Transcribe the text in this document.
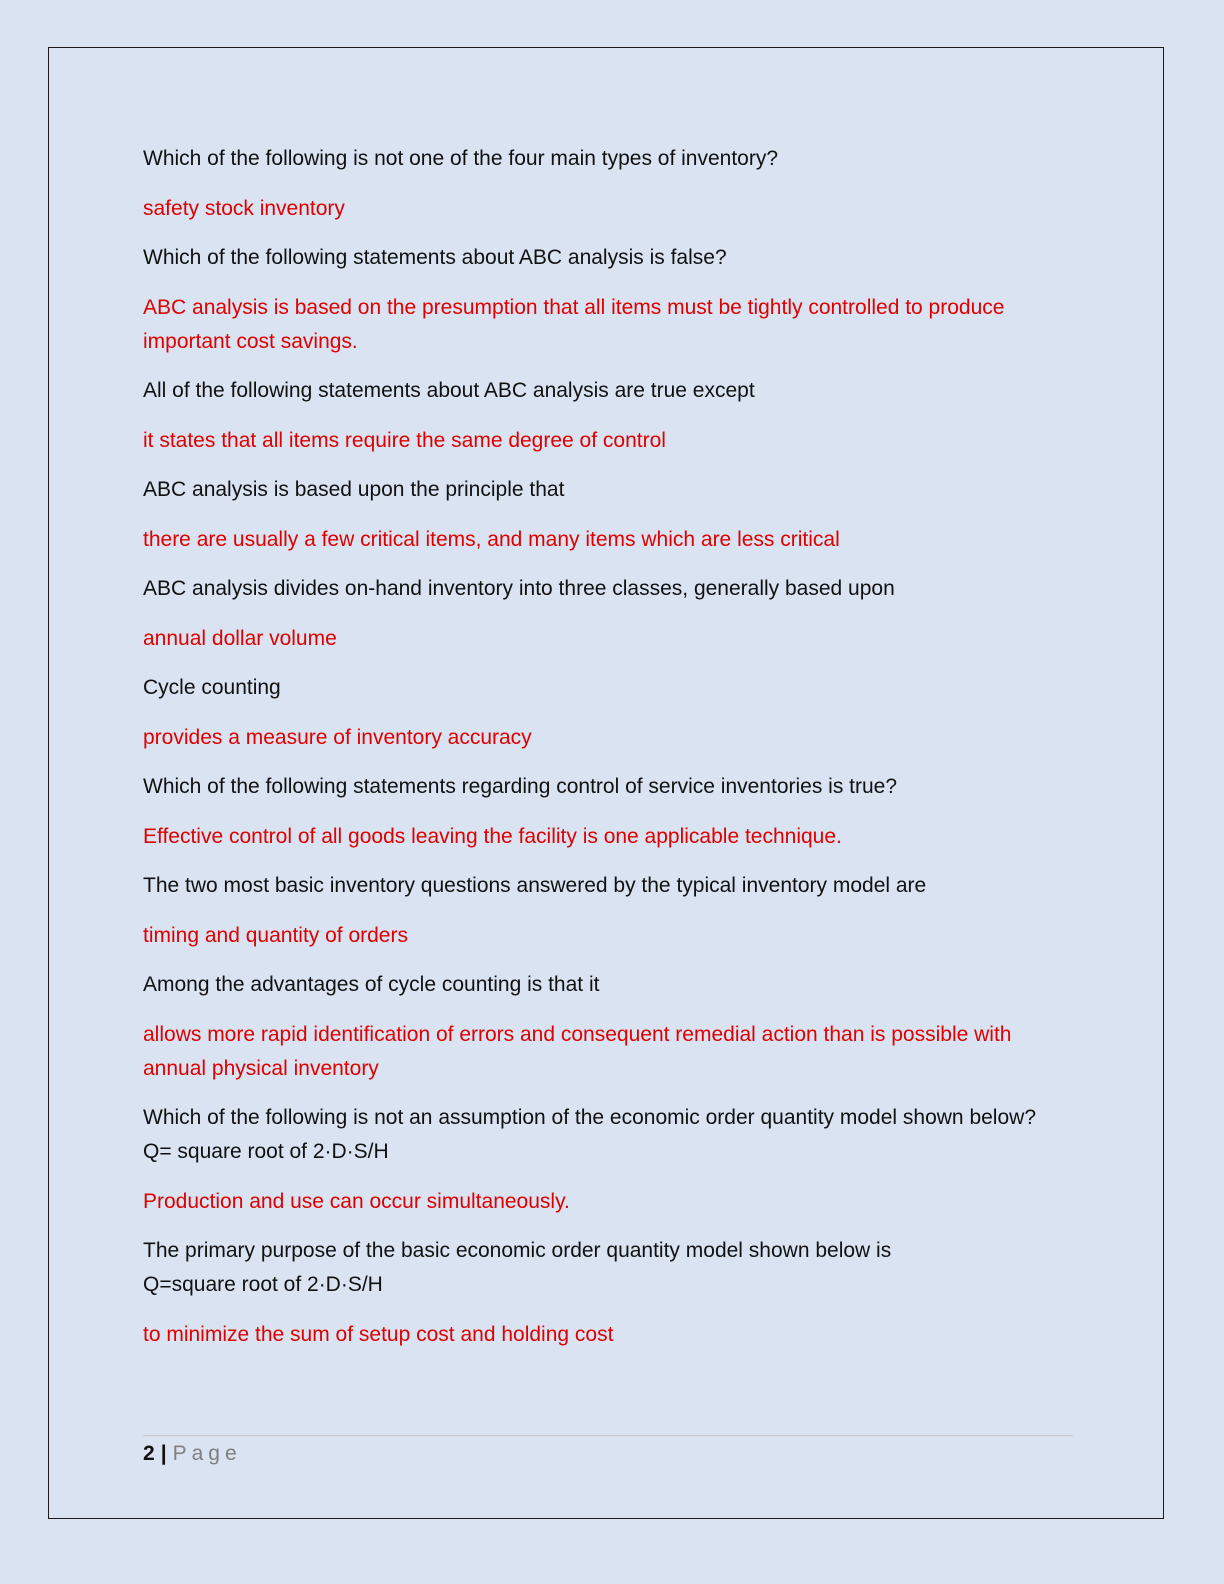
Which of the following is not one of the four main types of inventory?

safety stock inventory

Which of the following statements about ABC analysis is false?

ABC analysis is based on the presumption that all items must be tightly controlled to produce important cost savings.

All of the following statements about ABC analysis are true except

it states that all items require the same degree of control

ABC analysis is based upon the principle that

there are usually a few critical items, and many items which are less critical

ABC analysis divides on-hand inventory into three classes, generally based upon

annual dollar volume

Cycle counting

provides a measure of inventory accuracy

Which of the following statements regarding control of service inventories is true?

Effective control of all goods leaving the facility is one applicable technique.

The two most basic inventory questions answered by the typical inventory model are

timing and quantity of orders

Among the advantages of cycle counting is that it

allows more rapid identification of errors and consequent remedial action than is possible with annual physical inventory

Which of the following is not an assumption of the economic order quantity model shown below?
Q= square root of 2·D·S/H

Production and use can occur simultaneously.

The primary purpose of the basic economic order quantity model shown below is
Q=square root of 2·D·S/H

to minimize the sum of setup cost and holding cost

2 | Page
